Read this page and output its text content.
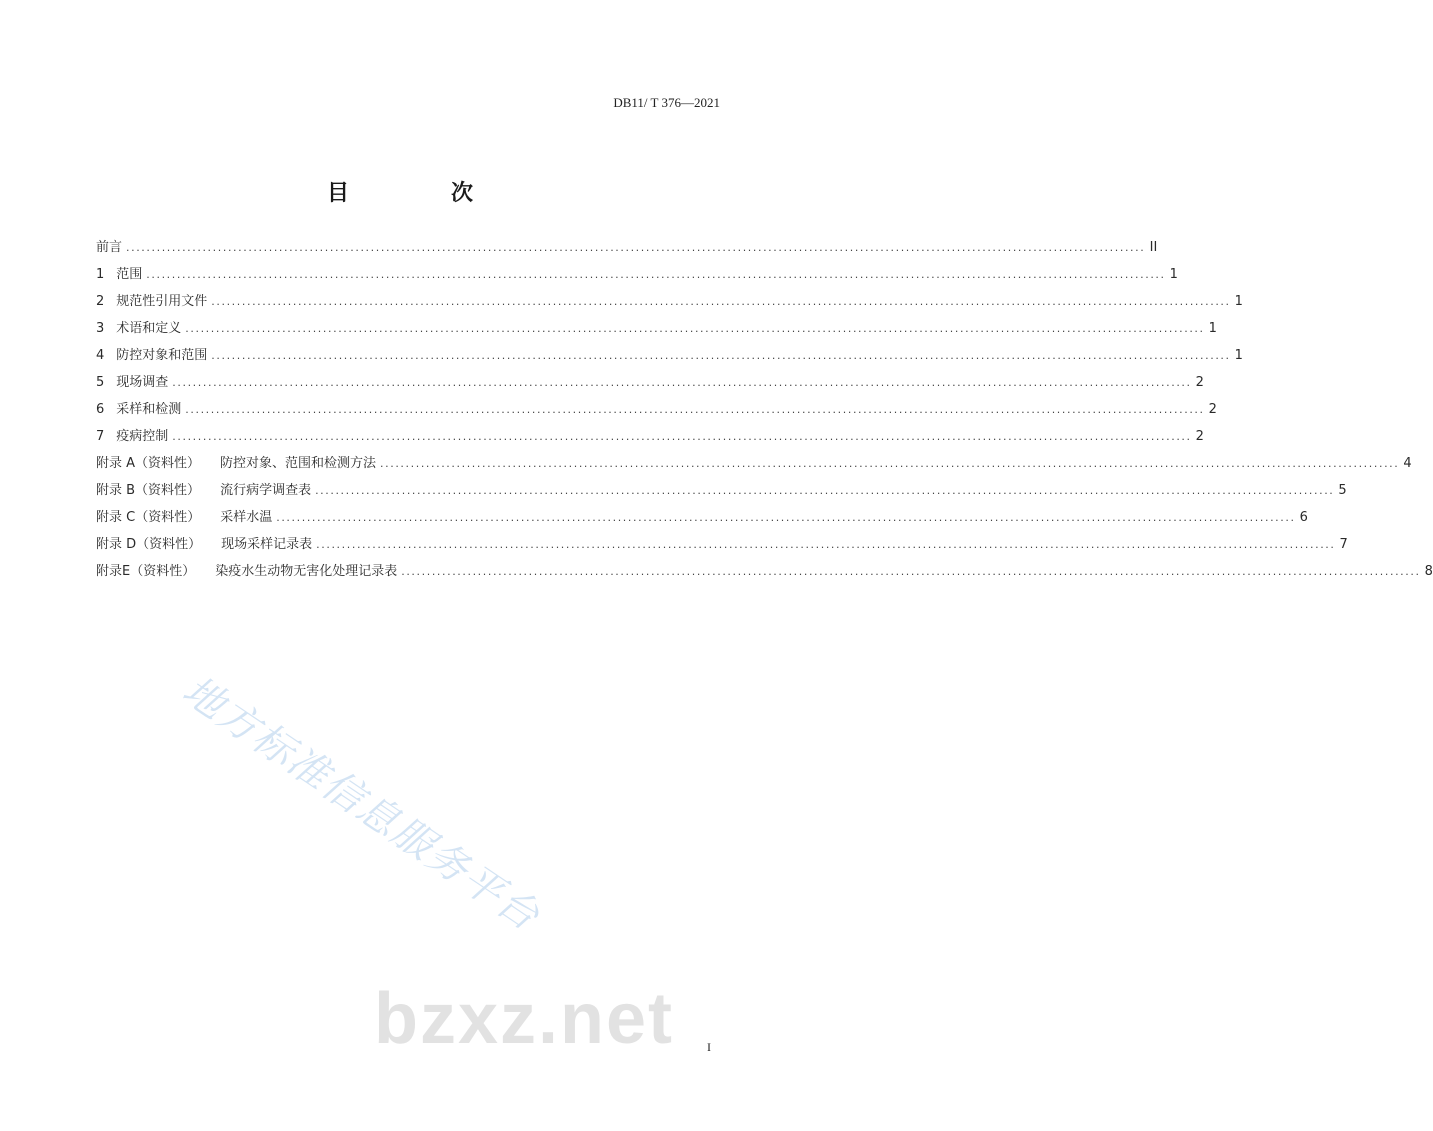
DB11/ T 376—2021
目　次
前言 ........................................................................................................................................................................................................ II
1 范围 ........................................................................................................................................................................................................ 1
2 规范性引用文件 ........................................................................................................................................................................................................ 1
3 术语和定义 ........................................................................................................................................................................................................ 1
4 防控对象和范围 ........................................................................................................................................................................................................ 1
5 现场调查 ........................................................................................................................................................................................................ 2
6 采样和检测 ........................................................................................................................................................................................................ 2
7 疫病控制 ........................................................................................................................................................................................................ 2
附录 A（资料性） 防控对象、范围和检测方法 ........................................................................................................................................................................................................ 4
附录 B（资料性） 流行病学调查表 ........................................................................................................................................................................................................ 5
附录 C（资料性） 采样水温 ........................................................................................................................................................................................................ 6
附录 D（资料性） 现场采样记录表 ........................................................................................................................................................................................................ 7
附录E（资料性） 染疫水生动物无害化处理记录表 ........................................................................................................................................................................................................ 8
地方标准信息服务平台
bzxz.net	I
